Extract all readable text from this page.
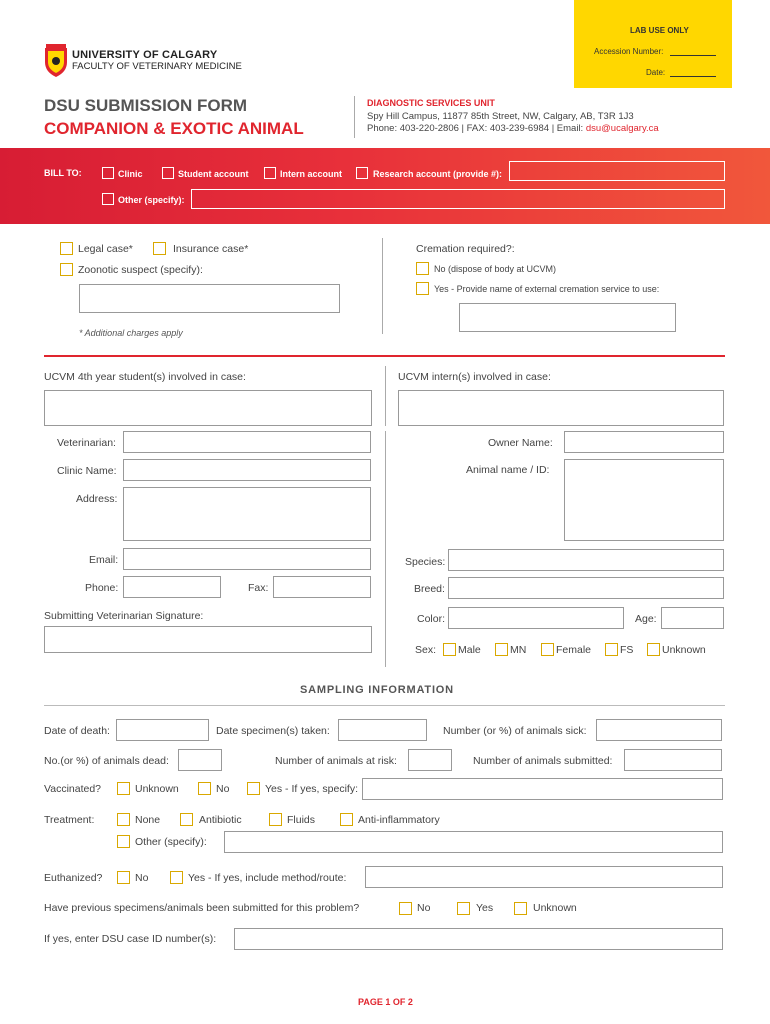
LAB USE ONLY
Accession Number:
Date:
UNIVERSITY OF CALGARY
FACULTY OF VETERINARY MEDICINE
DSU SUBMISSION FORM
COMPANION & EXOTIC ANIMAL
DIAGNOSTIC SERVICES UNIT
Spy Hill Campus, 11877 85th Street, NW, Calgary, AB, T3R 1J3
Phone: 403-220-2806 | FAX: 403-239-6984 | Email: dsu@ucalgary.ca
BILL TO:	Clinic	Student account	Intern account	Research account (provide #):
Other (specify):
Legal case*	Insurance case*
Zoonotic suspect (specify):
* Additional charges apply
Cremation required?:
No (dispose of body at UCVM)
Yes - Provide name of external cremation service to use:
UCVM 4th year student(s) involved in case:	UCVM intern(s) involved in case:
Veterinarian:
Clinic Name:
Address:
Email:
Phone:	Fax:
Submitting Veterinarian Signature:
Owner Name:
Animal name / ID:
Species:
Breed:
Color:	Age:
Sex: Male	MN	Female	FS	Unknown
SAMPLING INFORMATION
Date of death:	Date specimen(s) taken:	Number (or %) of animals sick:
No.(or %) of animals dead:	Number of animals at risk:	Number of animals submitted:
Vaccinated?	Unknown	No	Yes - If yes, specify:
Treatment:	None	Antibiotic	Fluids	Anti-inflammatory
Other (specify):
Euthanized?	No	Yes - If yes, include method/route:
Have previous specimens/animals been submitted for this problem?	No	Yes	Unknown
If yes, enter DSU case ID number(s):
PAGE 1 OF 2
